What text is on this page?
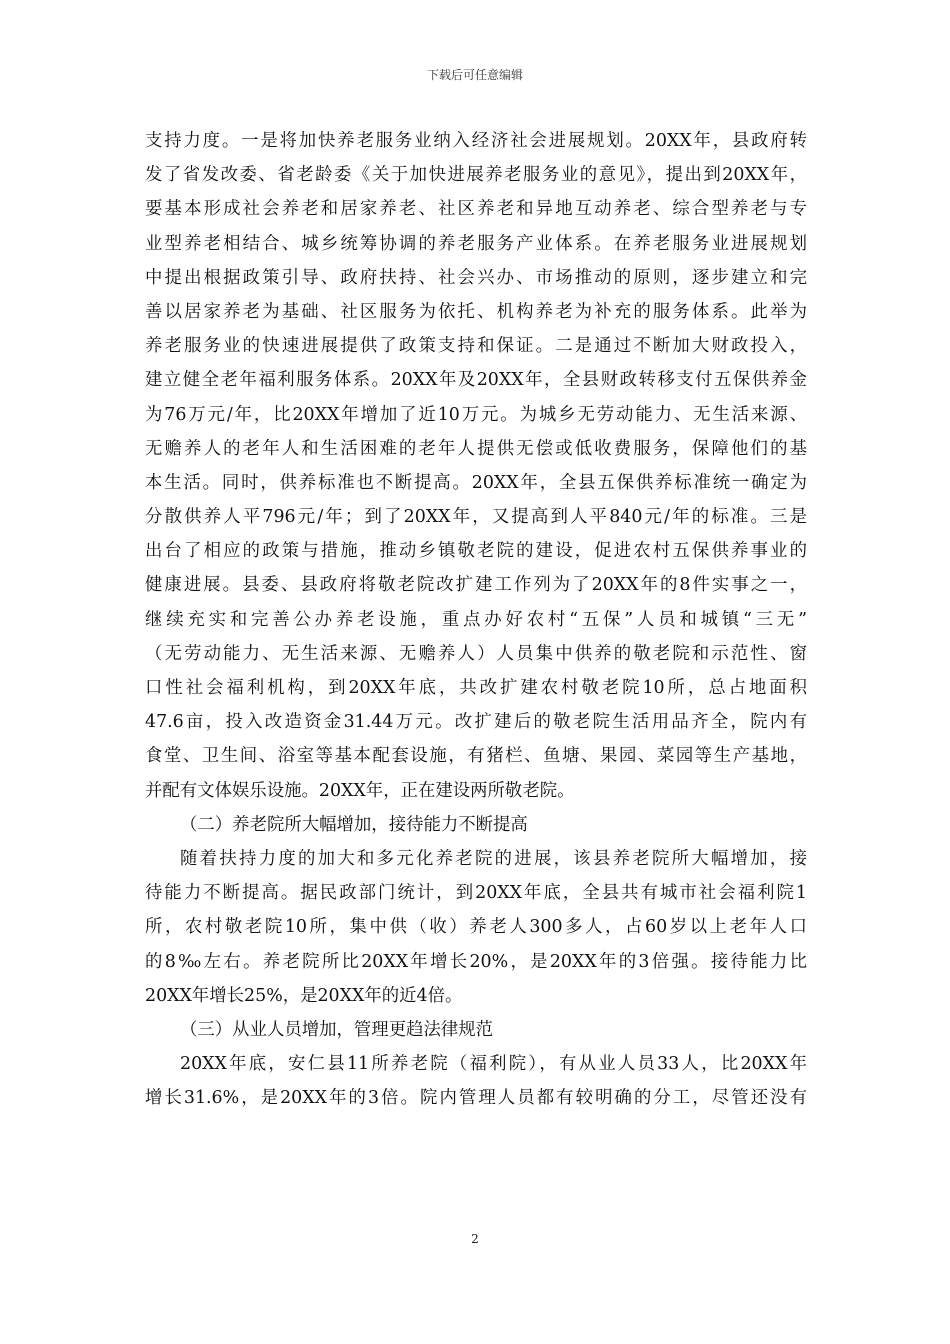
下载后可任意编辑
支持力度。一是将加快养老服务业纳入经济社会进展规划。20XX年，县政府转
发了省发改委、省老龄委《关于加快进展养老服务业的意见》，提出到20XX年，
要基本形成社会养老和居家养老、社区养老和异地互动养老、综合型养老与专
业型养老相结合、城乡统筹协调的养老服务产业体系。在养老服务业进展规划
中提出根据政策引导、政府扶持、社会兴办、市场推动的原则，逐步建立和完
善以居家养老为基础、社区服务为依托、机构养老为补充的服务体系。此举为
养老服务业的快速进展提供了政策支持和保证。二是通过不断加大财政投入，
建立健全老年福利服务体系。20XX年及20XX年，全县财政转移支付五保供养金
为76万元/年，比20XX年增加了近10万元。为城乡无劳动能力、无生活来源、
无赡养人的老年人和生活困难的老年人提供无偿或低收费服务，保障他们的基
本生活。同时，供养标准也不断提高。20XX年，全县五保供养标准统一确定为
分散供养人平796元/年；到了20XX年，又提高到人平840元/年的标准。三是
出台了相应的政策与措施，推动乡镇敬老院的建设，促进农村五保供养事业的
健康进展。县委、县政府将敬老院改扩建工作列为了20XX年的8件实事之一，
继续充实和完善公办养老设施，重点办好农村“五保”人员和城镇“三无”
（无劳动能力、无生活来源、无赡养人）人员集中供养的敬老院和示范性、窗
口性社会福利机构，到20XX年底，共改扩建农村敬老院10所，总占地面积
47.6亩，投入改造资金31.44万元。改扩建后的敬老院生活用品齐全，院内有
食堂、卫生间、浴室等基本配套设施，有猪栏、鱼塘、果园、菜园等生产基地，
并配有文体娱乐设施。20XX年，正在建设两所敬老院。
（二）养老院所大幅增加，接待能力不断提高
随着扶持力度的加大和多元化养老院的进展，该县养老院所大幅增加，接
待能力不断提高。据民政部门统计，到20XX年底，全县共有城市社会福利院1
所，农村敬老院10所，集中供（收）养老人300多人，占60岁以上老年人口
的8‰左右。养老院所比20XX年增长20%，是20XX年的3倍强。接待能力比
20XX年增长25%，是20XX年的近4倍。
（三）从业人员增加，管理更趋法律规范
20XX年底，安仁县11所养老院（福利院），有从业人员33人，比20XX年
增长31.6%，是20XX年的3倍。院内管理人员都有较明确的分工，尽管还没有
2
